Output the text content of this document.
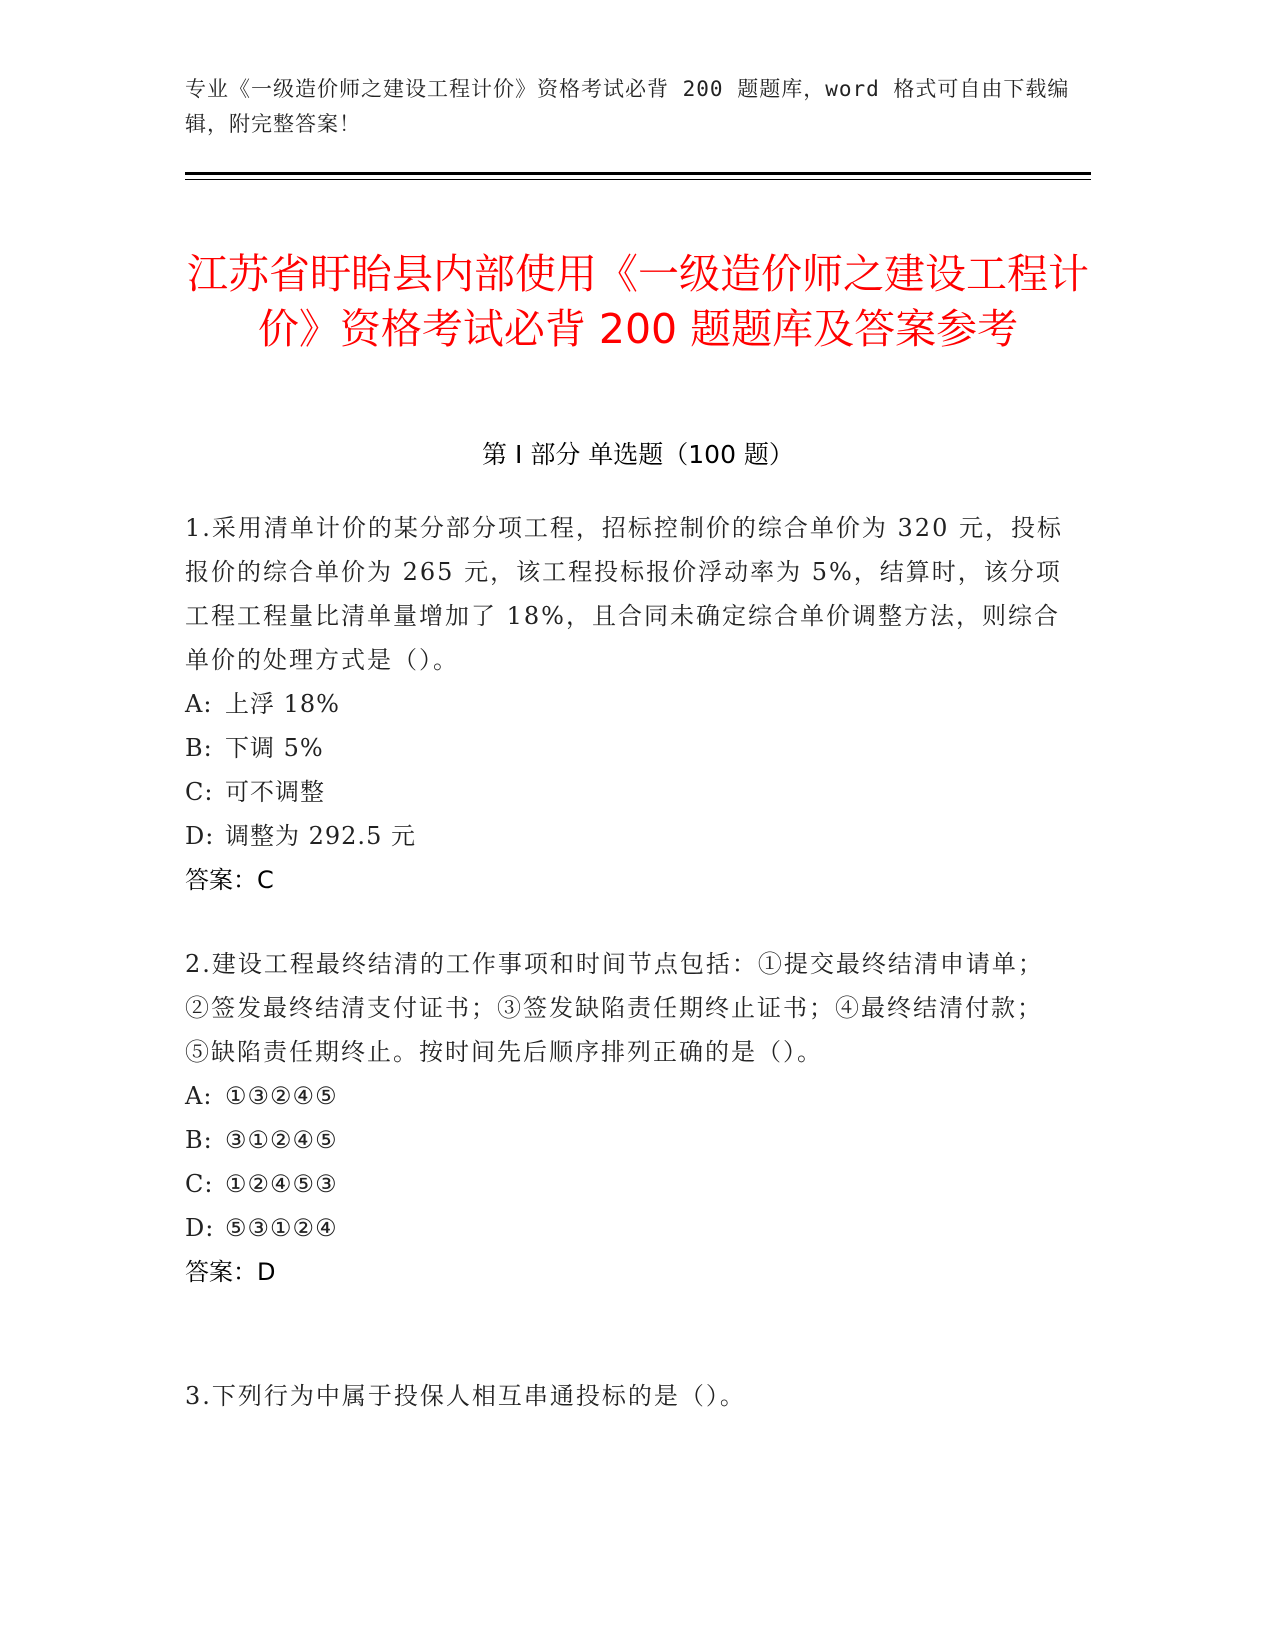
专业《一级造价师之建设工程计价》资格考试必背 200 题题库，word 格式可自由下载编辑，附完整答案！
江苏省盱眙县内部使用《一级造价师之建设工程计价》资格考试必背 200 题题库及答案参考
第 I 部分 单选题（100 题）
1.采用清单计价的某分部分项工程，招标控制价的综合单价为 320 元，投标报价的综合单价为 265 元，该工程投标报价浮动率为 5%，结算时，该分项工程工程量比清单量增加了 18%，且合同未确定综合单价调整方法，则综合单价的处理方式是（）。
A: 上浮 18%
B: 下调 5%
C: 可不调整
D: 调整为 292.5 元
答案：C
2.建设工程最终结清的工作事项和时间节点包括：①提交最终结清申请单；②签发最终结清支付证书；③签发缺陷责任期终止证书；④最终结清付款；⑤缺陷责任期终止。按时间先后顺序排列正确的是（）。
A: ①③②④⑤
B: ③①②④⑤
C: ①②④⑤③
D: ⑤③①②④
答案：D
3.下列行为中属于投保人相互串通投标的是（）。
